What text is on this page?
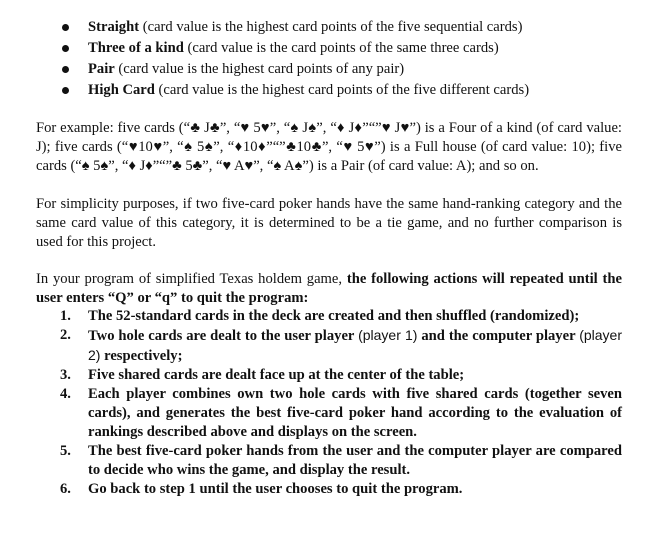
Straight (card value is the highest card points of the five sequential cards)
Three of a kind (card value is the card points of the same three cards)
Pair (card value is the highest card points of any pair)
High Card (card value is the highest card points of the five different cards)
For example: five cards (“♣ J♣”, “♥ 5♥”, “♠ J♠”, “♦ J♦”“”♥ J♥”) is a Four of a kind (of card value: J); five cards (“♥10♥”, “♠ 5♠”, “♦10♦”“”♣10♣”, “♥ 5♥”) is a Full house (of card value: 10); five cards (“♠ 5♠”, “♦ J♦”“”♣ 5♣”, “♥ A♥”, “♠ A♠”) is a Pair (of card value: A); and so on.
For simplicity purposes, if two five-card poker hands have the same hand-ranking category and the same card value of this category, it is determined to be a tie game, and no further comparison is used for this project.
In your program of simplified Texas holdem game, the following actions will repeated until the user enters “Q” or “q” to quit the program:
1. The 52-standard cards in the deck are created and then shuffled (randomized);
2. Two hole cards are dealt to the user player (player 1) and the computer player (player 2) respectively;
3. Five shared cards are dealt face up at the center of the table;
4. Each player combines own two hole cards with five shared cards (together seven cards), and generates the best five-card poker hand according to the evaluation of rankings described above and displays on the screen.
5. The best five-card poker hands from the user and the computer player are compared to decide who wins the game, and display the result.
6. Go back to step 1 until the user chooses to quit the program.
